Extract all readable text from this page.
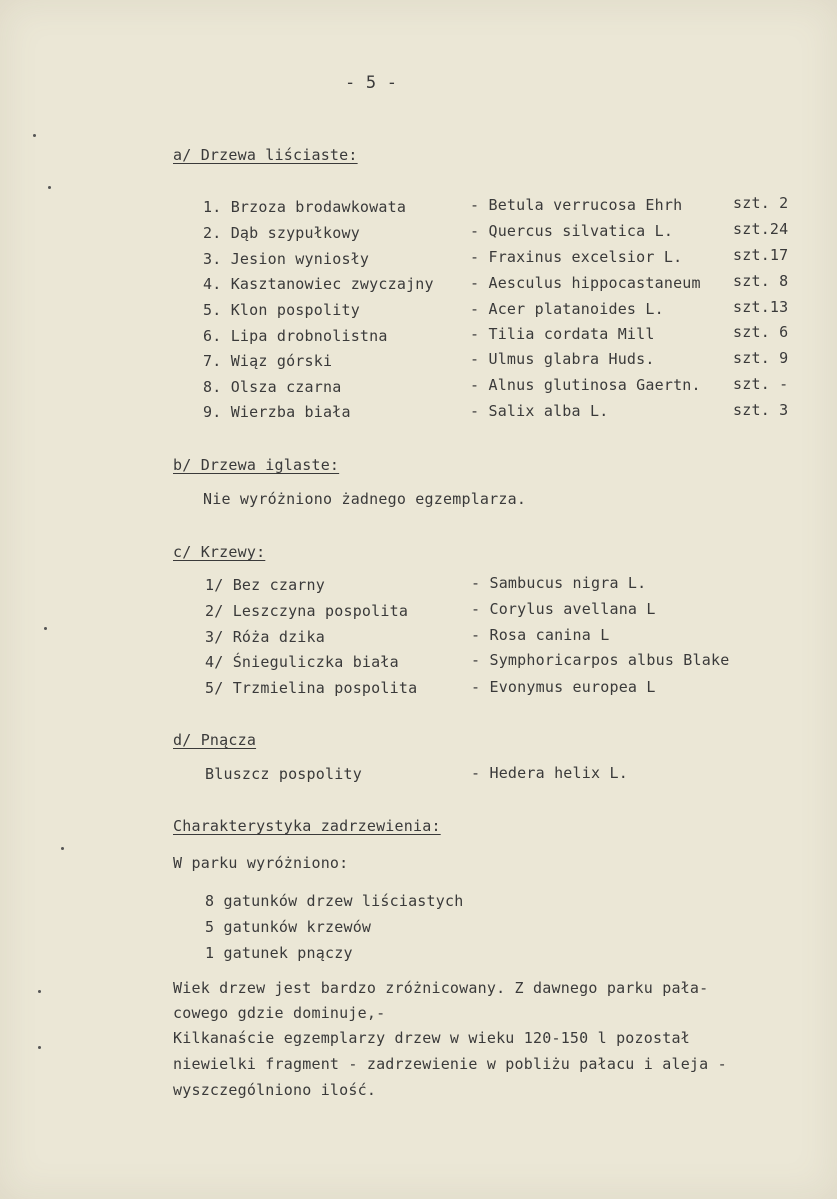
- 5 -
a/ Drzewa liściaste:
1. Brzoza brodawkowata	- Betula verrucosa Ehrh	szt. 2
2. Dąb szypułkowy	- Quercus silvatica L.	szt.24
3. Jesion wyniosły	- Fraxinus excelsior L.	szt.17
4. Kasztanowiec zwyczajny - Aesculus hippocastaneum szt. 8
5. Klon pospolity	- Acer platanoides L.	szt.13
6. Lipa drobnolistna	- Tilia cordata Mill	szt. 6
7. Wiąz górski	- Ulmus glabra Huds.	szt. 9
8. Olsza czarna	- Alnus glutinosa Gaertn. szt. -
9. Wierzba biała	- Salix alba L.	szt. 3
b/ Drzewa iglaste:
Nie wyróżniono żadnego egzemplarza.
c/ Krzewy:
1/ Bez czarny	- Sambucus nigra L.
2/ Leszczyna pospolita	- Corylus avellana L
3/ Róża dzika	- Rosa canina L
4/ Śnieguliczka biała	- Symphoricarpos albus Blake
5/ Trzmielina pospolita	- Evonymus europea L
d/ Pnącza
Bluszcz pospolity	- Hedera helix L.
Charakterystyka zadrzewienia:
W parku wyróżniono:
8 gatunków drzew liściastych
5 gatunków krzewów
1 gatunek pnączy
Wiek drzew jest bardzo zróżnicowany. Z dawnego parku pała-
cowego gdzie dominuje,-
Kilkanaście egzemplarzy drzew w wieku 120-150 l pozostał
niewielki fragment - zadrzewienie w pobliżu pałacu i aleja -
wyszczególniono ilość.
